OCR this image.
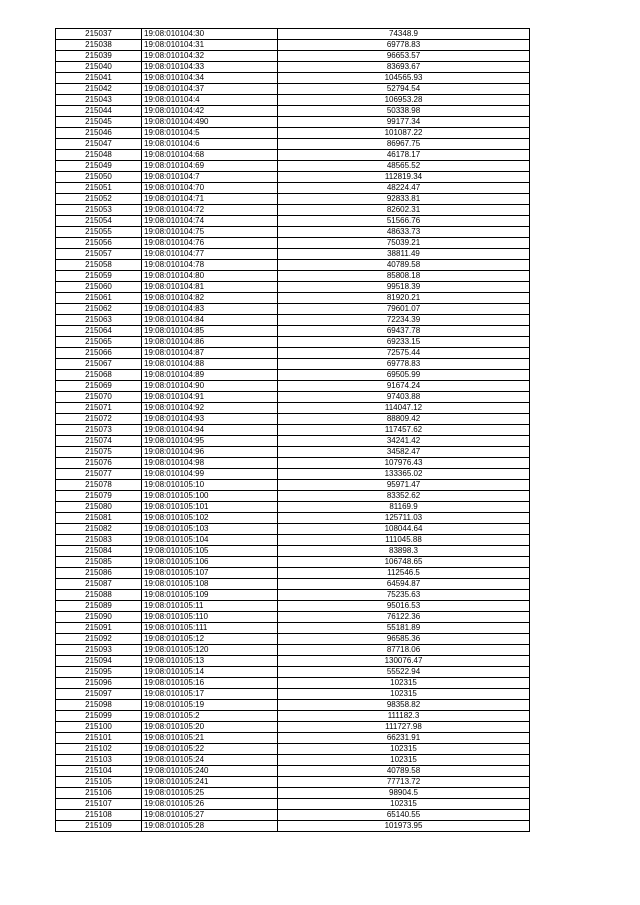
215037	19:08:010104:30	74348.9
215038	19:08:010104:31	69778.83
215039	19:08:010104:32	96653.57
215040	19:08:010104:33	83693.67
215041	19:08:010104:34	104565.93
215042	19:08:010104:37	52794.54
215043	19:08:010104:4	106953.28
215044	19:08:010104:42	50338.98
215045	19:08:010104:490	99177.34
215046	19:08:010104:5	101087.22
215047	19:08:010104:6	86967.75
215048	19:08:010104:68	46178.17
215049	19:08:010104:69	48565.52
215050	19:08:010104:7	112819.34
215051	19:08:010104:70	48224.47
215052	19:08:010104:71	92833.81
215053	19:08:010104:72	82602.31
215054	19:08:010104:74	51566.76
215055	19:08:010104:75	48633.73
215056	19:08:010104:76	75039.21
215057	19:08:010104:77	38811.49
215058	19:08:010104:78	40789.58
215059	19:08:010104:80	85808.18
215060	19:08:010104:81	99518.39
215061	19:08:010104:82	81920.21
215062	19:08:010104:83	79601.07
215063	19:08:010104:84	72234.39
215064	19:08:010104:85	69437.78
215065	19:08:010104:86	69233.15
215066	19:08:010104:87	72575.44
215067	19:08:010104:88	69778.83
215068	19:08:010104:89	69505.99
215069	19:08:010104:90	91674.24
215070	19:08:010104:91	97403.88
215071	19:08:010104:92	114047.12
215072	19:08:010104:93	88809.42
215073	19:08:010104:94	117457.62
215074	19:08:010104:95	34241.42
215075	19:08:010104:96	34582.47
215076	19:08:010104:98	107976.43
215077	19:08:010104:99	133365.02
215078	19:08:010105:10	95971.47
215079	19:08:010105:100	83352.62
215080	19:08:010105:101	81169.9
215081	19:08:010105:102	125711.03
215082	19:08:010105:103	108044.64
215083	19:08:010105:104	111045.88
215084	19:08:010105:105	83898.3
215085	19:08:010105:106	106748.65
215086	19:08:010105:107	112546.5
215087	19:08:010105:108	64594.87
215088	19:08:010105:109	75235.63
215089	19:08:010105:11	95016.53
215090	19:08:010105:110	76122.36
215091	19:08:010105:111	55181.89
215092	19:08:010105:12	96585.36
215093	19:08:010105:120	87718.06
215094	19:08:010105:13	130076.47
215095	19:08:010105:14	55522.94
215096	19:08:010105:16	102315
215097	19:08:010105:17	102315
215098	19:08:010105:19	98358.82
215099	19:08:010105:2	111182.3
215100	19:08:010105:20	111727.98
215101	19:08:010105:21	66231.91
215102	19:08:010105:22	102315
215103	19:08:010105:24	102315
215104	19:08:010105:240	40789.58
215105	19:08:010105:241	77713.72
215106	19:08:010105:25	98904.5
215107	19:08:010105:26	102315
215108	19:08:010105:27	65140.55
215109	19:08:010105:28	101973.95
